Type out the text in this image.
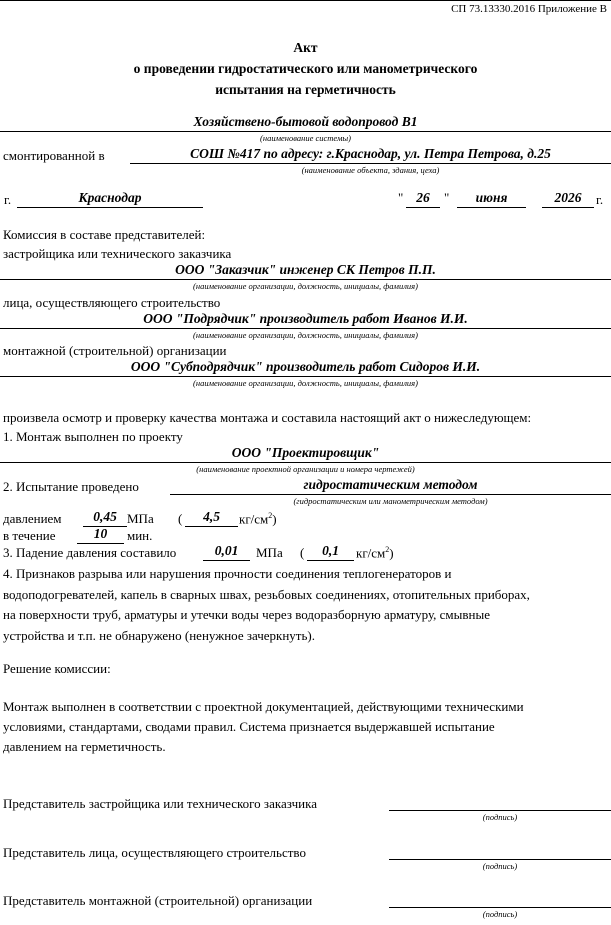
СП 73.13330.2016 Приложение В
Акт
о проведении гидростатического или манометрического
испытания на герметичность
Хозяйствено-бытовой водопровод В1
(наименование системы)
смонтированной в	СОШ №417 по адресу: г.Краснодар, ул. Петра Петрова, д.25
(наименование объекта, здания, цеха)
г.	Краснодар	" 26	"	июня	2026	г.
Комиссия в составе представителей:
застройщика или технического заказчика
ООО "Заказчик" инженер СК Петров П.П.
(наименование организации, должность, инициалы, фамилия)
лица, осуществляющего строительство
ООО "Подрядчик" производитель работ Иванов И.И.
(наименование организации, должность, инициалы, фамилия)
монтажной (строительной) организации
ООО "Субподрядчик" производитель работ Сидоров И.И.
(наименование организации, должность, инициалы, фамилия)
произвела осмотр и проверку качества монтажа и составила настоящий акт о нижеследующем:
1. Монтаж выполнен по проекту
ООО "Проектировщик"
(наименование проектной организации и номера чертежей)
2. Испытание проведено	гидростатическим методом
(гидростатическим или манометрическим методом)
давлением	0,45 МПа (	4,5	$кг/см^2$)
в течение	10	мин.
3. Падение давления составило	0,01	МПа (	0,1	$кг/см^2$)
4. Признаков разрыва или нарушения прочности соединения теплогенераторов и
водоподогревателей, капель в сварных швах, резьбовых соединениях, отопительных приборах,
на поверхности труб, арматуры и утечки воды через водоразборную арматуру, смывные
устройства и т.п. не обнаружено (ненужное зачеркнуть).
Решение комиссии:
Монтаж выполнен в соответствии с проектной документацией, действующими техническими
условиями, стандартами, сводами правил. Система признается выдержавшей испытание
давлением на герметичность.
Представитель застройщика или технического заказчика
(подпись)
Представитель лица, осуществляющего строительство
(подпись)
Представитель монтажной (строительной) организации
(подпись)
